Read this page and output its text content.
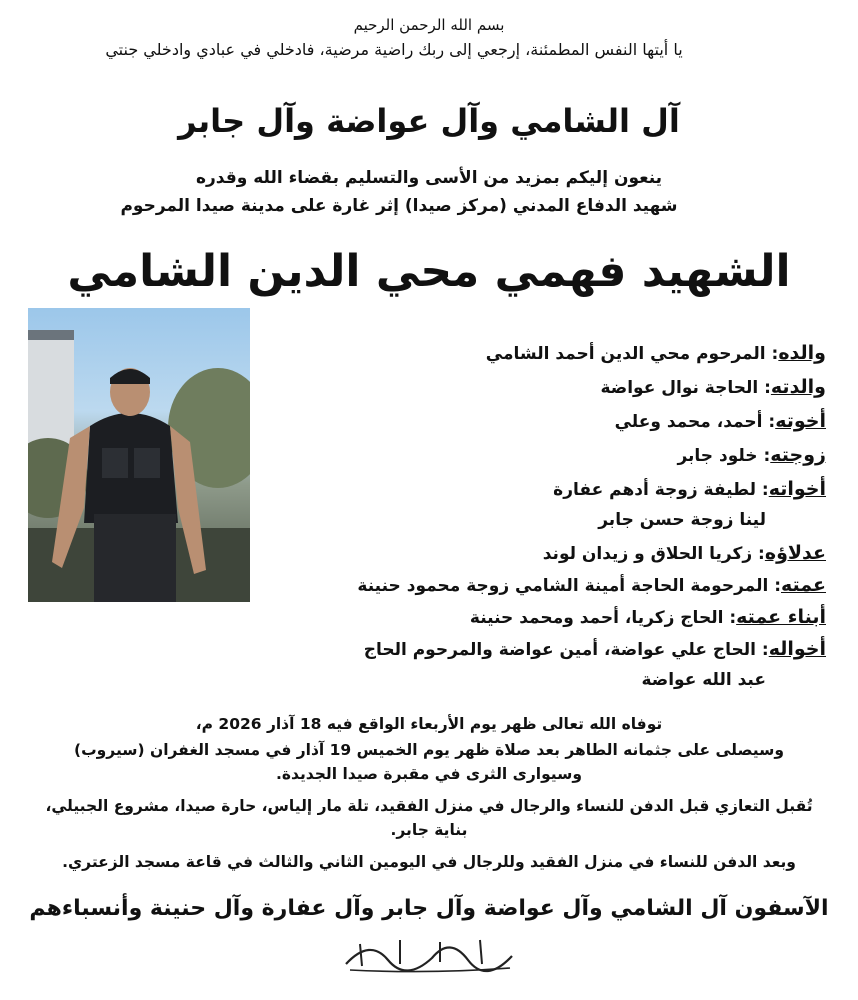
بسم الله الرحمن الرحيم
يا أيتها النفس المطمئنة، إرجعي إلى ربك راضية مرضية، فادخلي في عبادي وادخلي جنتي
آل الشامي وآل عواضة وآل جابر
ينعون إليكم بمزيد من الأسى والتسليم بقضاء الله وقدره
شهيد الدفاع المدني (مركز صيدا) إثر غارة على مدينة صيدا المرحوم
الشهيد فهمي محي الدين الشامي
والده: المرحوم محي الدين أحمد الشامي
والدته: الحاجة نوال عواضة
أخوته: أحمد، محمد وعلي
زوجته: خلود جابر
أخواته: لطيفة زوجة أدهم عفارة
لينا زوجة حسن جابر
عدلاؤه: زكريا الحلاق و زيدان لوند
عمته: المرحومة الحاجة أمينة الشامي زوجة محمود حنينة
أبناء عمته: الحاج زكريا، أحمد ومحمد حنينة
أخواله: الحاج علي عواضة، أمين عواضة والمرحوم الحاج
عبد الله عواضة
توفاه الله تعالى ظهر يوم الأربعاء الواقع فيه 18 آذار 2026 م،
وسيصلى على جثمانه الطاهر بعد صلاة ظهر يوم الخميس 19 آذار في مسجد الغفران (سيروب)
وسيوارى الثرى في مقبرة صيدا الجديدة.
تُقبل التعازي قبل الدفن للنساء والرجال في منزل الفقيد، تلة مار إلياس، حارة صيدا، مشروع الجبيلي،
بناية جابر.
وبعد الدفن للنساء في منزل الفقيد وللرجال في اليومين الثاني والثالث في قاعة مسجد الزعتري.
الآسفون آل الشامي وآل عواضة وآل جابر وآل عفارة وآل حنينة وأنسباءهم
